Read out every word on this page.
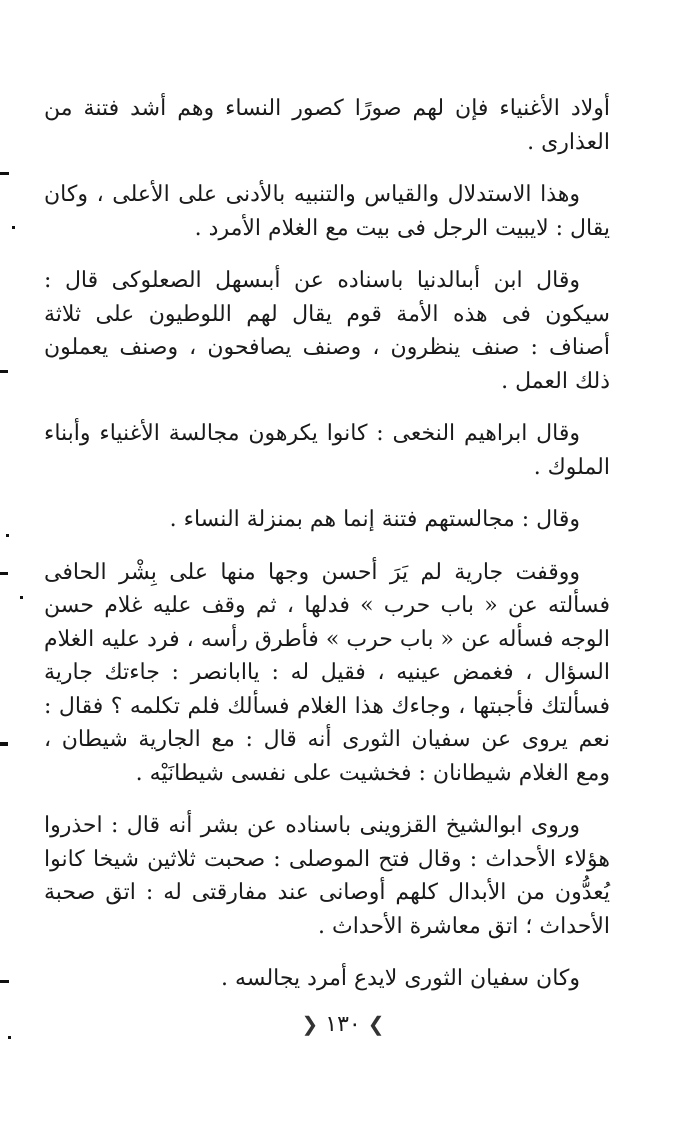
أولاد الأغنياء فإن لهم صورًا كصور النساء وهم أشد فتنة من العذارى .

وهذا الاستدلال والقياس والتنبيه بالأدنى على الأعلى ، وكان يقال : لايبيت الرجل فى بيت مع الغلام الأمرد .

وقال ابن أبىالدنيا باسناده عن أبىسهل الصعلوكى قال : سيكون فى هذه الأمة قوم يقال لهم اللوطيون على ثلاثة أصناف : صنف ينظرون ، وصنف يصافحون ، وصنف يعملون ذلك العمل .

وقال ابراهيم النخعى : كانوا يكرهون مجالسة الأغنياء وأبناء الملوك .

وقال : مجالستهم فتنة إنما هم بمنزلة النساء .

ووقفت جارية لم يَرَ أحسن وجها منها على بِشْر الحافى فسألته عن « باب حرب » فدلها ، ثم وقف عليه غلام حسن الوجه فسأله عن « باب حرب » فأطرق رأسه ، فرد عليه الغلام السؤال ، فغمض عينيه ، فقيل له : ياابانصر : جاءتك جارية فسألتك فأجبتها ، وجاءك هذا الغلام فسألك فلم تكلمه ؟ فقال : نعم يروى عن سفيان الثورى أنه قال : مع الجارية شيطان ، ومع الغلام شيطانان : فخشيت على نفسى شيطانَيْه .

وروى ابوالشيخ القزوينى باسناده عن بشر أنه قال : احذروا هؤلاء الأحداث : وقال فتح الموصلى : صحبت ثلاثين شيخا كانوا يُعدُّون من الأبدال كلهم أوصانى عند مفارقتى له : اتق صحبة الأحداث ؛ اتق معاشرة الأحداث .

وكان سفيان الثورى لايدع أمرد يجالسه .

❯ ١٣٠ ❮
